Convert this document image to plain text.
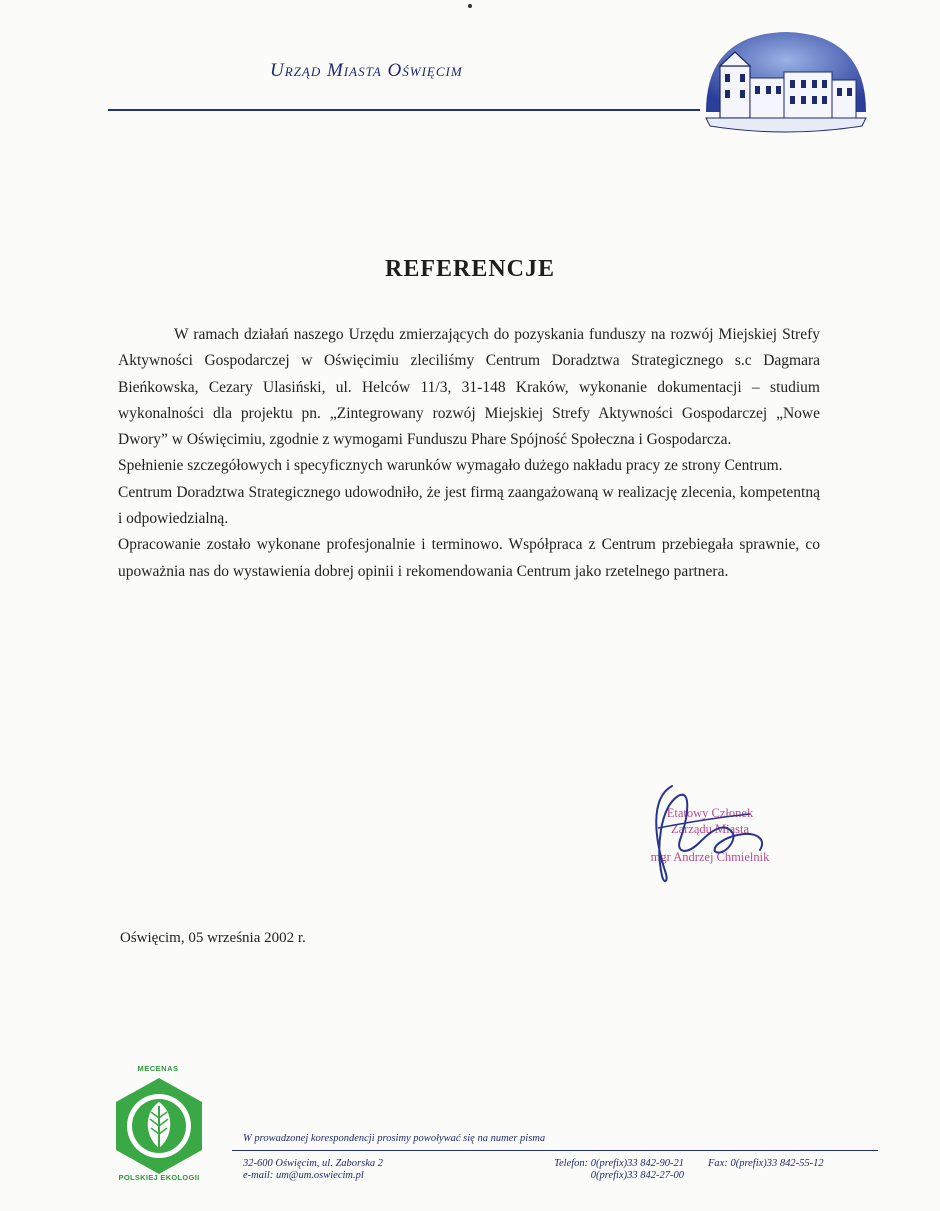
Urząd Miasta Oświęcim
REFERENCJE

W ramach działań naszego Urzędu zmierzających do pozyskania funduszy na rozwój Miejskiej Strefy Aktywności Gospodarczej w Oświęcimiu zleciliśmy Centrum Doradztwa Strategicznego s.c Dagmara Bieńkowska, Cezary Ulasiński, ul. Helców 11/3, 31-148 Kraków, wykonanie dokumentacji – studium wykonalności dla projektu pn. „Zintegrowany rozwój Miejskiej Strefy Aktywności Gospodarczej „Nowe Dwory” w Oświęcimiu, zgodnie z wymogami Funduszu Phare Spójność Społeczna i Gospodarcza.

Spełnienie szczegółowych i specyficznych warunków wymagało dużego nakładu pracy ze strony Centrum.

Centrum Doradztwa Strategicznego udowodniło, że jest firmą zaangażowaną w realizację zlecenia, kompetentną i odpowiedzialną.

Opracowanie zostało wykonane profesjonalnie i terminowo. Współpraca z Centrum przebiegała sprawnie, co upoważnia nas do wystawienia dobrej opinii i rekomendowania Centrum jako rzetelnego partnera.

Etatowy Członek
Zarządu Miasta
mgr Andrzej Chmielnik
Oświęcim, 05 września 2002 r.
MECENAS
POLSKIEJ EKOLOGII
W prowadzonej korespondencji prosimy powoływać się na numer pisma
32-600 Oświęcim, ul. Zaborska 2
e-mail: um@um.oswiecim.pl
Telefon: 0(prefix)33 842-90-21
0(prefix)33 842-27-00
Fax: 0(prefix)33 842-55-12
